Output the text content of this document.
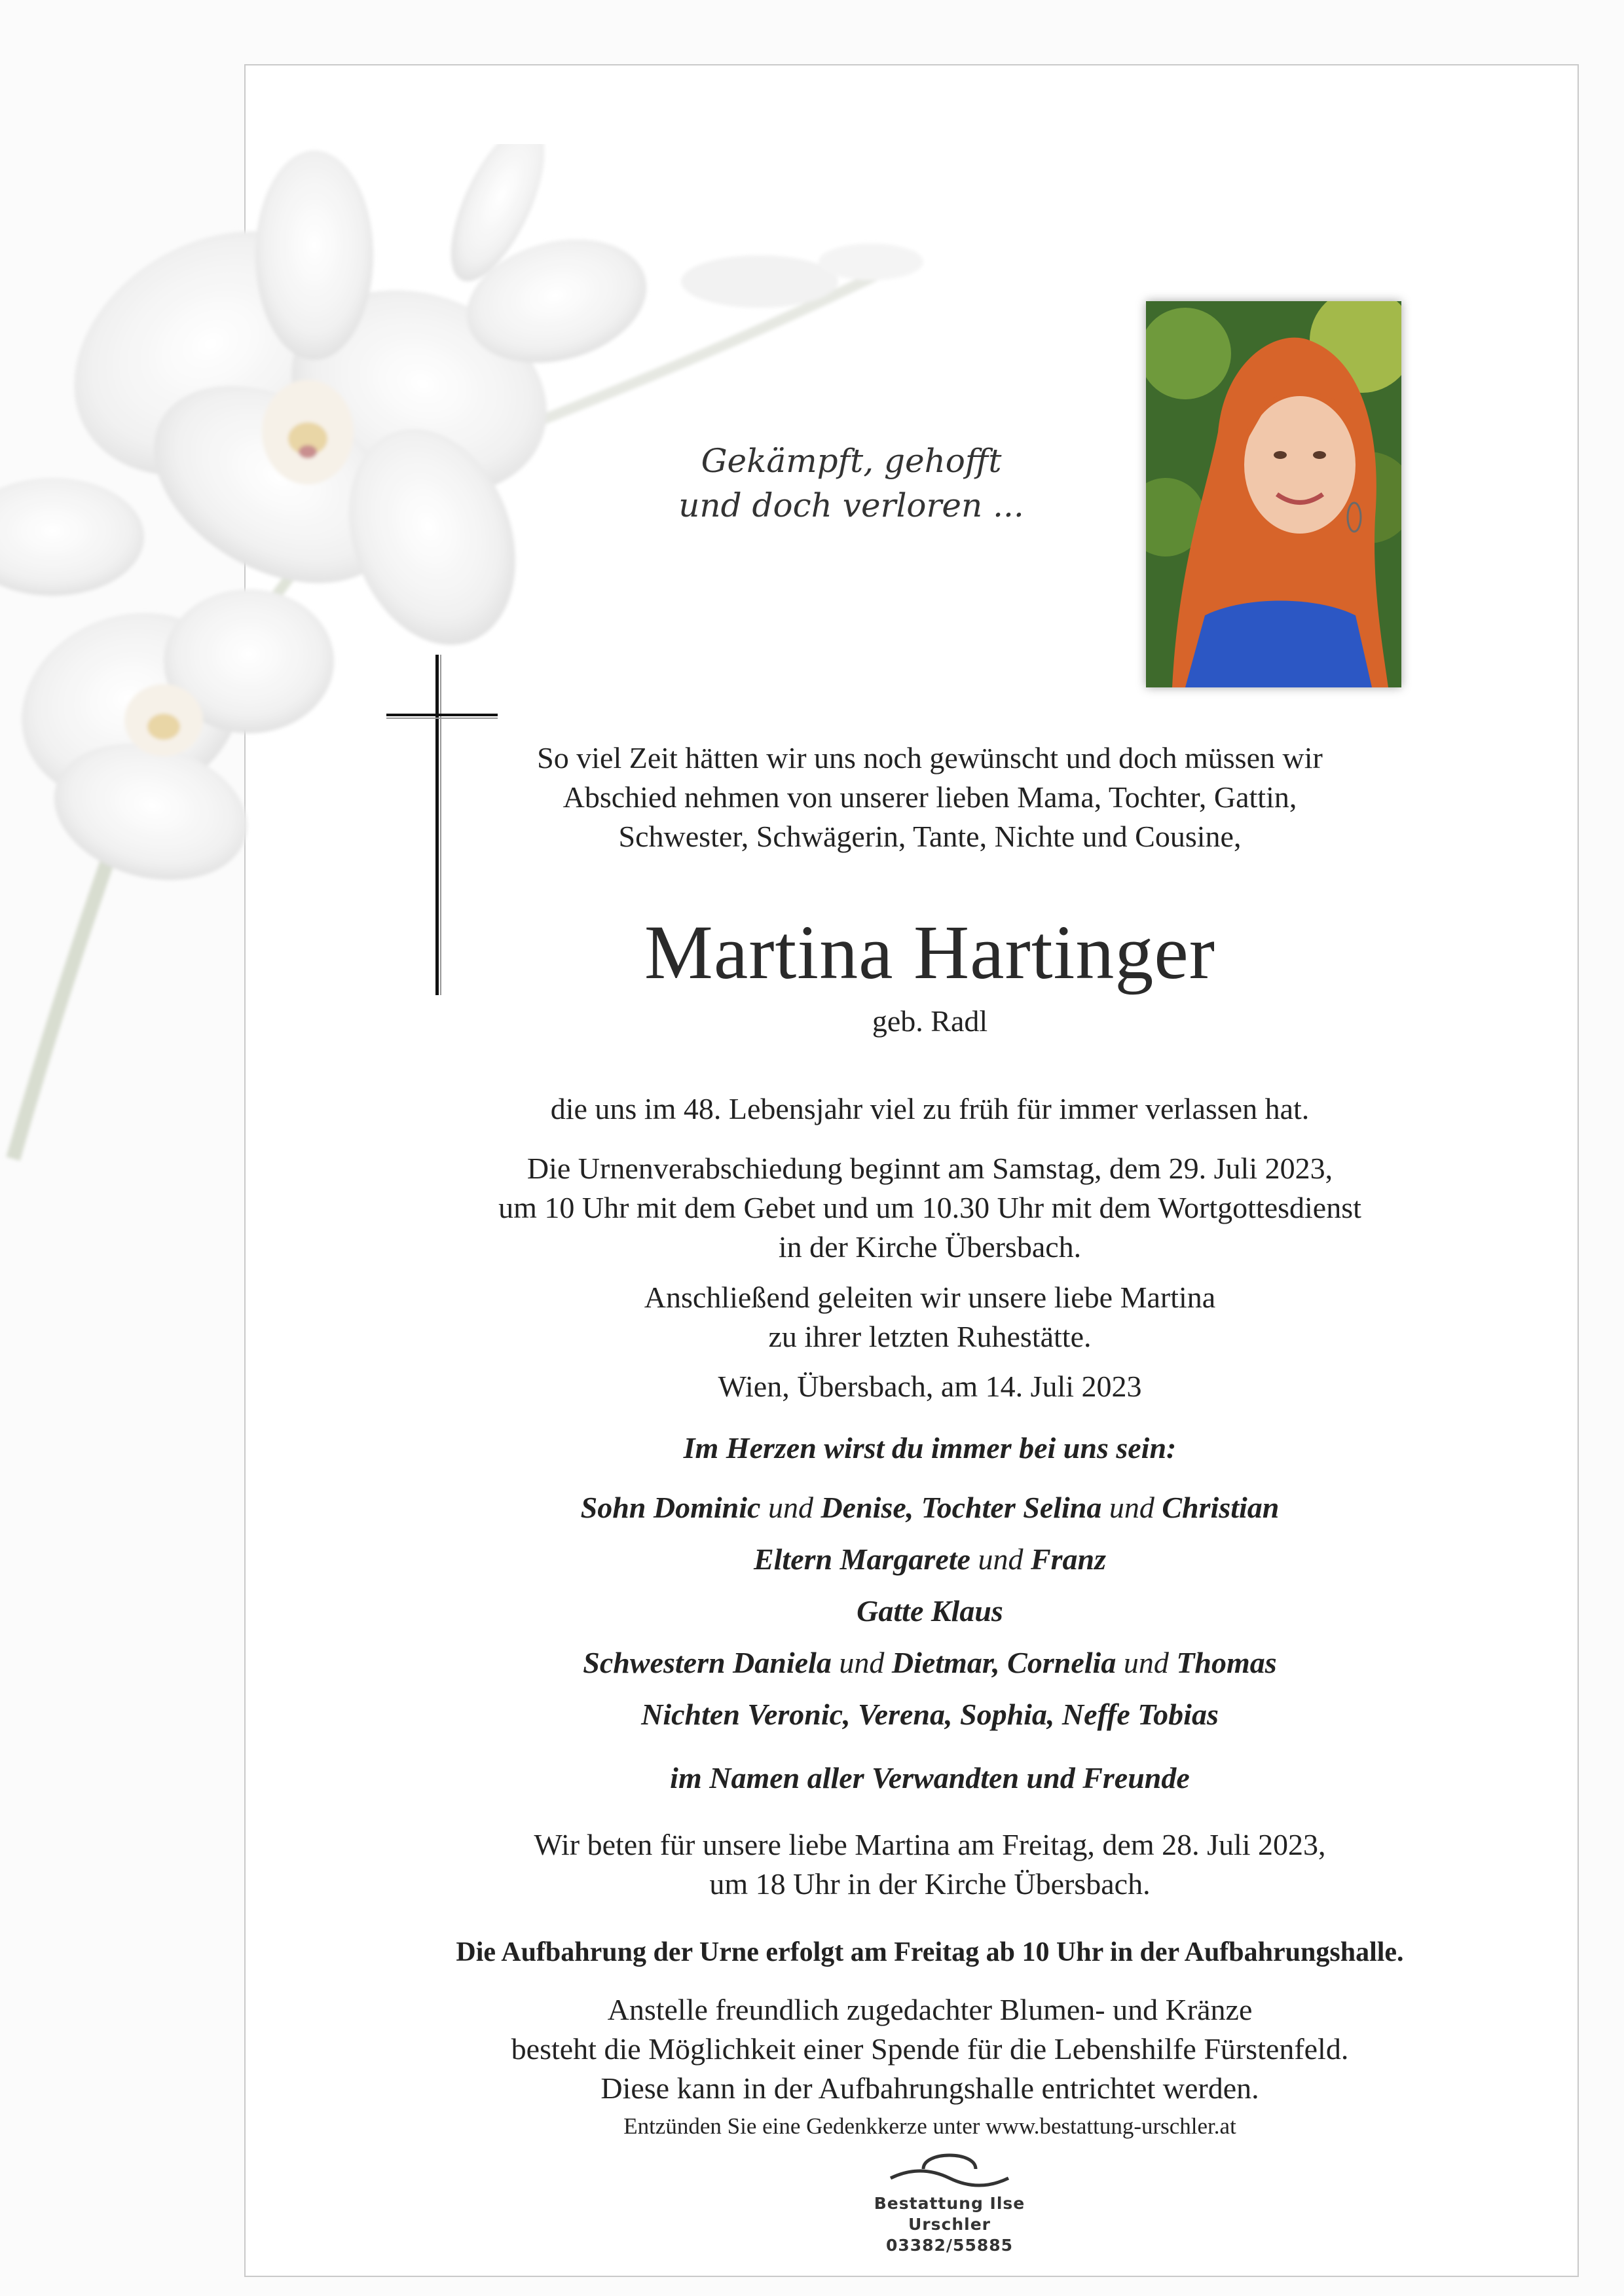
Gekämpft, gehofft
und doch verloren ...

So viel Zeit hätten wir uns noch gewünscht und doch müssen wir

Abschied nehmen von unserer lieben Mama, Tochter, Gattin,

Schwester, Schwägerin, Tante, Nichte und Cousine,

Martina Hartinger

geb. Radl

die uns im 48. Lebensjahr viel zu früh für immer verlassen hat.

Die Urnenverabschiedung beginnt am Samstag, dem 29. Juli 2023,

um 10 Uhr mit dem Gebet und um 10.30 Uhr mit dem Wortgottesdienst

in der Kirche Übersbach.

Anschließend geleiten wir unsere liebe Martina

zu ihrer letzten Ruhestätte.

Wien, Übersbach, am 14. Juli 2023

Im Herzen wirst du immer bei uns sein:
Sohn Dominic und Denise, Tochter Selina und Christian
Eltern Margarete und Franz
Gatte Klaus
Schwestern Daniela und Dietmar, Cornelia und Thomas
Nichten Veronic, Verena, Sophia, Neffe Tobias
im Namen aller Verwandten und Freunde

Wir beten für unsere liebe Martina am Freitag, dem 28. Juli 2023,

um 18 Uhr in der Kirche Übersbach.

Die Aufbahrung der Urne erfolgt am Freitag ab 10 Uhr in der Aufbahrungshalle.

Anstelle freundlich zugedachter Blumen- und Kränze

besteht die Möglichkeit einer Spende für die Lebenshilfe Fürstenfeld.

Diese kann in der Aufbahrungshalle entrichtet werden.

Entzünden Sie eine Gedenkkerze unter www.bestattung-urschler.at

Bestattung Ilse Urschler
03382/55885
